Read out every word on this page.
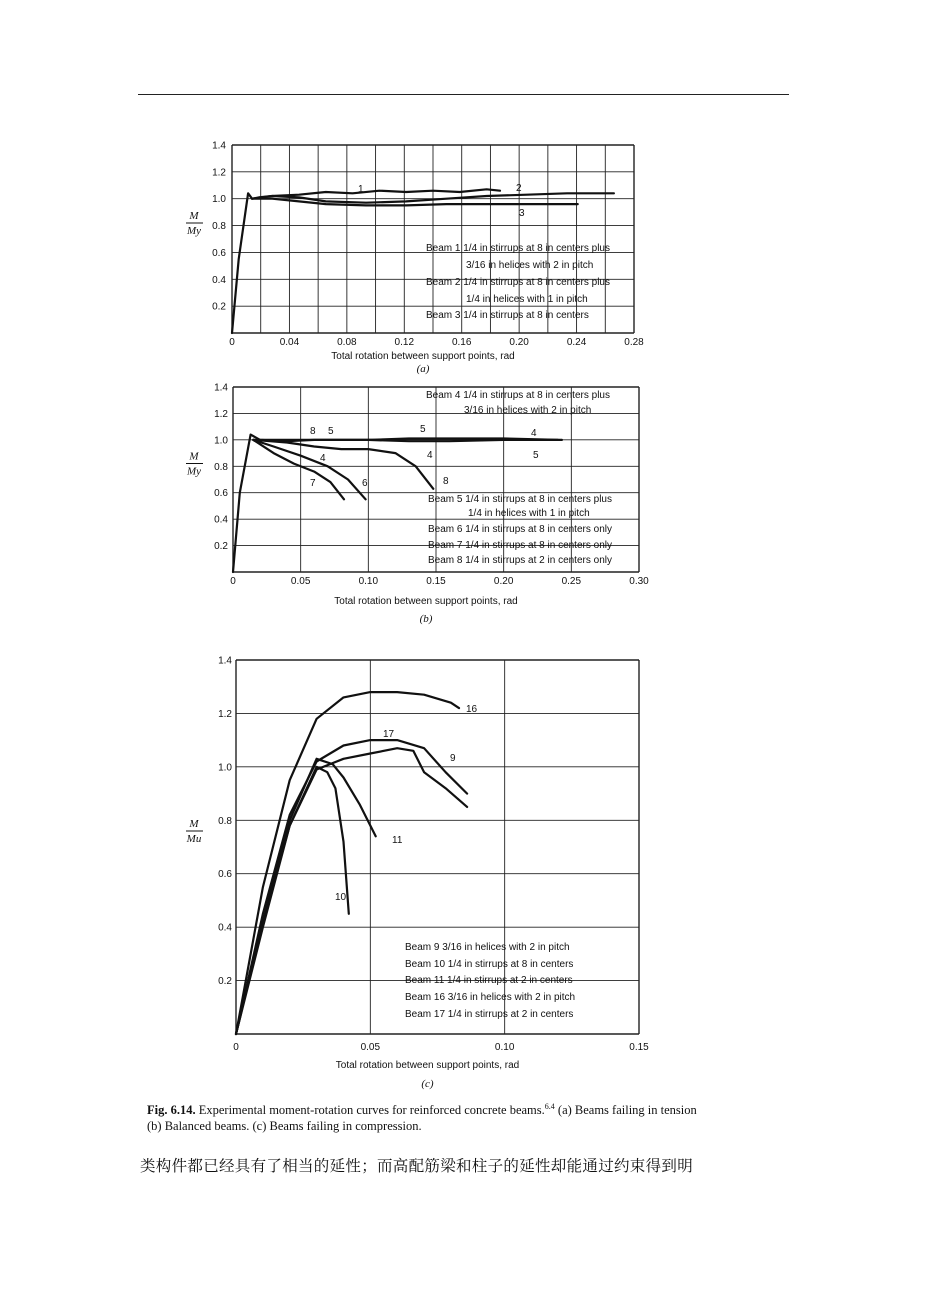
0	0.04	0.08	0.12	0.16	0.20	0.24	0.28
0.2
0.4
0.6
0.8
1.0
1.2
1.4
Total rotation between support points, rad
M
My
(a)
1	2
3
Beam 1 1/4 in stirrups at 8 in centers plus
3/16 in helices with 2 in pitch
Beam 2 1/4 in stirrups at 8 in centers plus
1/4 in helices with 1 in pitch
Beam 3 1/4 in stirrups at 8 in centers
0	0.05	0.10	0.15	0.20	0.25	0.30
0.2
0.4
0.6
0.8
1.0
1.2
1.4
Total rotation between support points, rad
M
My
(b)
8 5
4
5
4
4
5
7	6	8
Beam 4 1/4 in stirrups at 8 in centers plus
3/16 in helices with 2 in pitch
Beam 5 1/4 in stirrups at 8 in centers plus
1/4 in helices with 1 in pitch
Beam 6 1/4 in stirrups at 8 in centers only
Beam 7 1/4 in stirrups at 8 in centers only
Beam 8 1/4 in stirrups at 2 in centers only
0	0.05	0.10	0.15
0.2
0.4
0.6
0.8
1.0
1.2
1.4
Total rotation between support points, rad
M
Mu
(c)
16
17
9
11
10
Beam 9 3/16 in helices with 2 in pitch
Beam 10 1/4 in stirrups at 8 in centers
Beam 11 1/4 in stirrups at 2 in centers
Beam 16 3/16 in helices with 2 in pitch
Beam 17 1/4 in stirrups at 2 in centers
Fig. 6.14. Experimental moment-rotation curves for reinforced concrete beams.$^{6.4}$ (a) Beams failing in tension (b) Balanced beams. (c) Beams failing in compression.
类构件都已经具有了相当的延性；而高配筋梁和柱子的延性却能通过约束得到明
